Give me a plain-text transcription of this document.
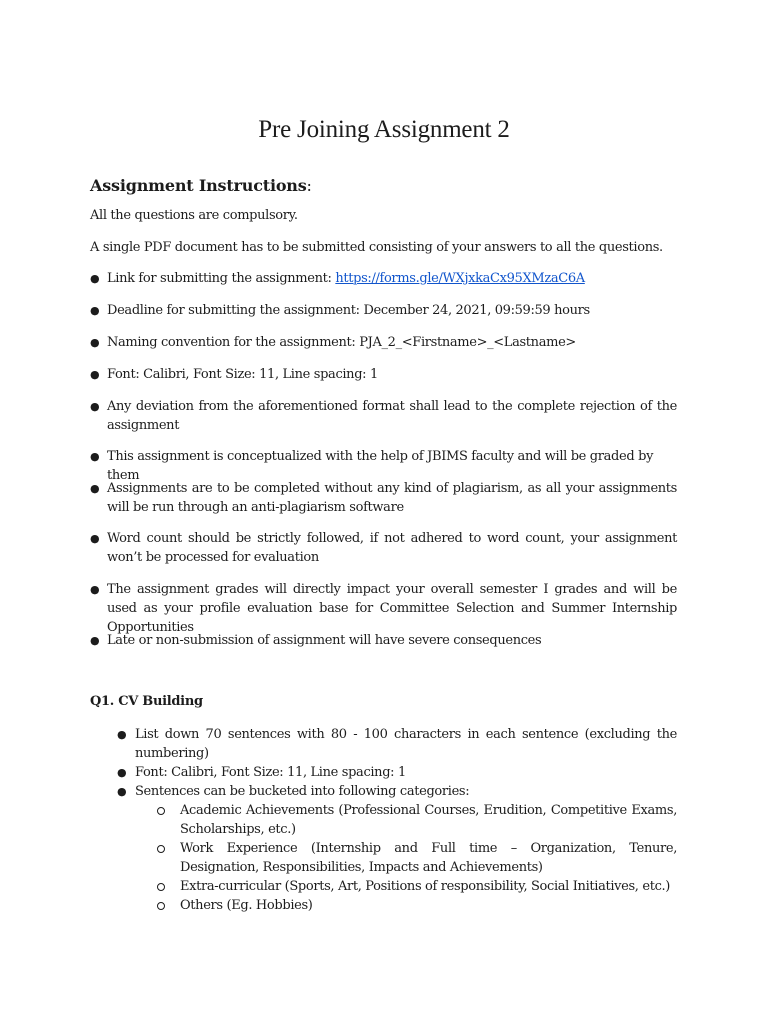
Pre Joining Assignment 2
Assignment Instructions:
All the questions are compulsory.
A single PDF document has to be submitted consisting of your answers to all the questions.
● Link for submitting the assignment: https://forms.gle/WXjxkaCx95XMzaC6A
● Deadline for submitting the assignment: December 24, 2021, 09:59:59 hours
● Naming convention for the assignment: PJA_2_<Firstname>_<Lastname>
● Font: Calibri, Font Size: 11, Line spacing: 1
● Any deviation from the aforementioned format shall lead to the complete rejection of the assignment
● This assignment is conceptualized with the help of JBIMS faculty and will be graded by them
● Assignments are to be completed without any kind of plagiarism, as all your assignments will be run through an anti-plagiarism software
● Word count should be strictly followed, if not adhered to word count, your assignment won’t be processed for evaluation
● The assignment grades will directly impact your overall semester I grades and will be used as your profile evaluation base for Committee Selection and Summer Internship Opportunities
● Late or non-submission of assignment will have severe consequences
Q1. CV Building
● List down 70 sentences with 80 - 100 characters in each sentence (excluding the numbering)
● Font: Calibri, Font Size: 11, Line spacing: 1
● Sentences can be bucketed into following categories:
Academic Achievements (Professional Courses, Erudition, Competitive Exams, Scholarships, etc.)
Work Experience (Internship and Full time – Organization, Tenure, Designation, Responsibilities, Impacts and Achievements)
Extra-curricular (Sports, Art, Positions of responsibility, Social Initiatives, etc.)
Others (Eg. Hobbies)
